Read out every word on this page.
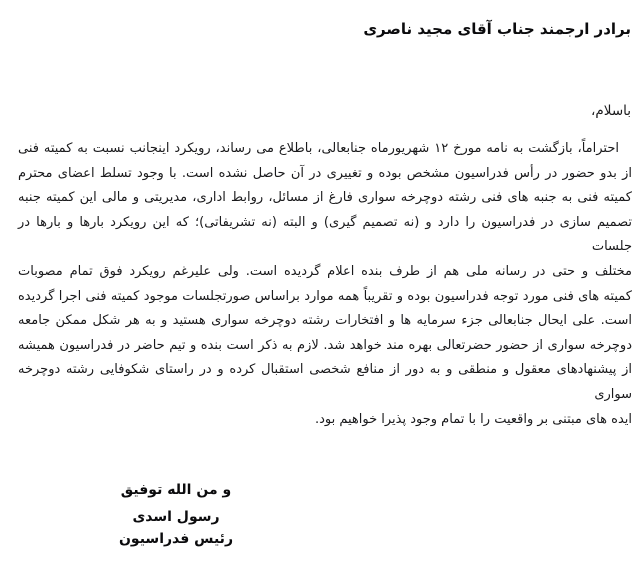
برادر ارجمند جناب آقای مجید ناصری

باسلام،

احتراماً، بازگشت به نامه مورخ ۱۲ شهریورماه جنابعالی، باطلاع می رساند، رویکرد اینجانب نسبت به کمیته فنی
از بدو حضور در رأس فدراسیون مشخص بوده و تغییری در آن حاصل نشده است. با وجود تسلط اعضای محترم
کمیته فنی به جنبه های فنی رشته دوچرخه سواری فارغ از مسائل، روابط اداری، مدیریتی و مالی این کمیته جنبه
تصمیم سازی در فدراسیون را دارد و (نه تصمیم گیری) و البته (نه تشریفاتی)؛ که این رویکرد بارها و بارها در جلسات
مختلف و حتی در رسانه ملی هم از طرف بنده اعلام گردیده است. ولی علیرغم رویکرد فوق تمام مصوبات
کمیته های فنی مورد توجه فدراسیون بوده و تقریباً همه موارد براساس صورتجلسات موجود کمیته فنی اجرا گردیده
است. علی ایحال جنابعالی جزء سرمایه ها و افتخارات رشته دوچرخه سواری هستید و به هر شکل ممکن جامعه
دوچرخه سواری از حضور حضرتعالی بهره مند خواهد شد. لازم به ذکر است بنده و تیم حاضر در فدراسیون همیشه
از پیشنهادهای معقول و منطقی و به دور از منافع شخصی استقبال کرده و در راستای شکوفایی رشته دوچرخه سواری
ایده های مبتنی بر واقعیت را با تمام وجود پذیرا خواهیم بود.
و من الله توفیق
رسول اسدی
رئیس فدراسیون
